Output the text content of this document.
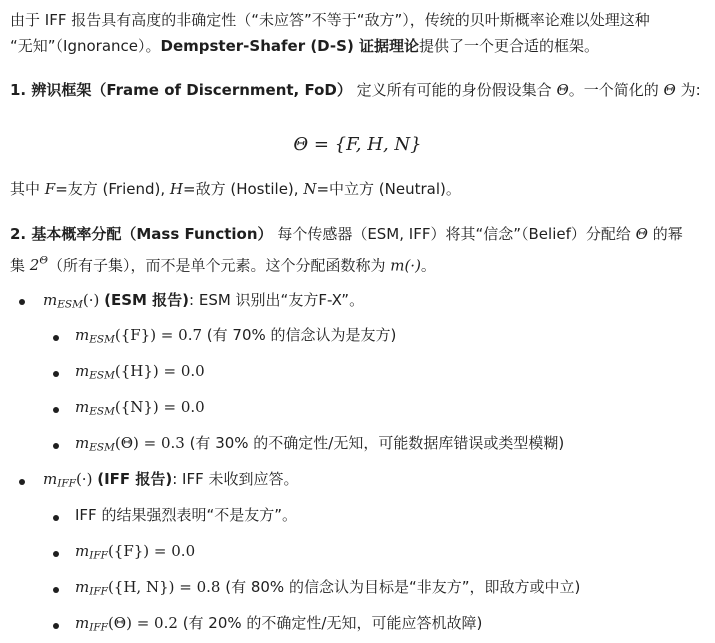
由于 IFF 报告具有高度的非确定性（“未应答”不等于“敌方”），传统的贝叶斯概率论难以处理这种
“无知”（Ignorance）。Dempster-Shafer (D-S) 证据理论提供了一个更合适的框架。
1. 辨识框架（Frame of Discernment, FoD） 定义所有可能的身份假设集合 Θ。一个简化的 Θ 为:
Θ = {F, H, N}
其中 F=友方 (Friend), H=敌方 (Hostile), N=中立方 (Neutral)。
2. 基本概率分配（Mass Function） 每个传感器（ESM, IFF）将其“信念”（Belief）分配给 Θ 的幂
集 $2^\Theta$（所有子集），而不是单个元素。这个分配函数称为 m(·)。
$m_{ESM}(\cdot)$ (ESM 报告): ESM 识别出“友方F-X”。
$m_{ESM}(\{F\}) = 0.7$ (有 70% 的信念认为是友方)
$m_{ESM}(\{H\}) = 0.0$
$m_{ESM}(\{N\}) = 0.0$
$m_{ESM}(\Theta) = 0.3$ (有 30% 的不确定性/无知，可能数据库错误或类型模糊)
$m_{IFF}(\cdot)$ (IFF 报告): IFF 未收到应答。
IFF 的结果强烈表明“不是友方”。
$m_{IFF}(\{F\}) = 0.0$
$m_{IFF}(\{H$, N}) = 0.8 (有 80% 的信念认为目标是“非友方”，即敌方或中立)
$m_{IFF}(\Theta) = 0.2$ (有 20% 的不确定性/无知，可能应答机故障)
